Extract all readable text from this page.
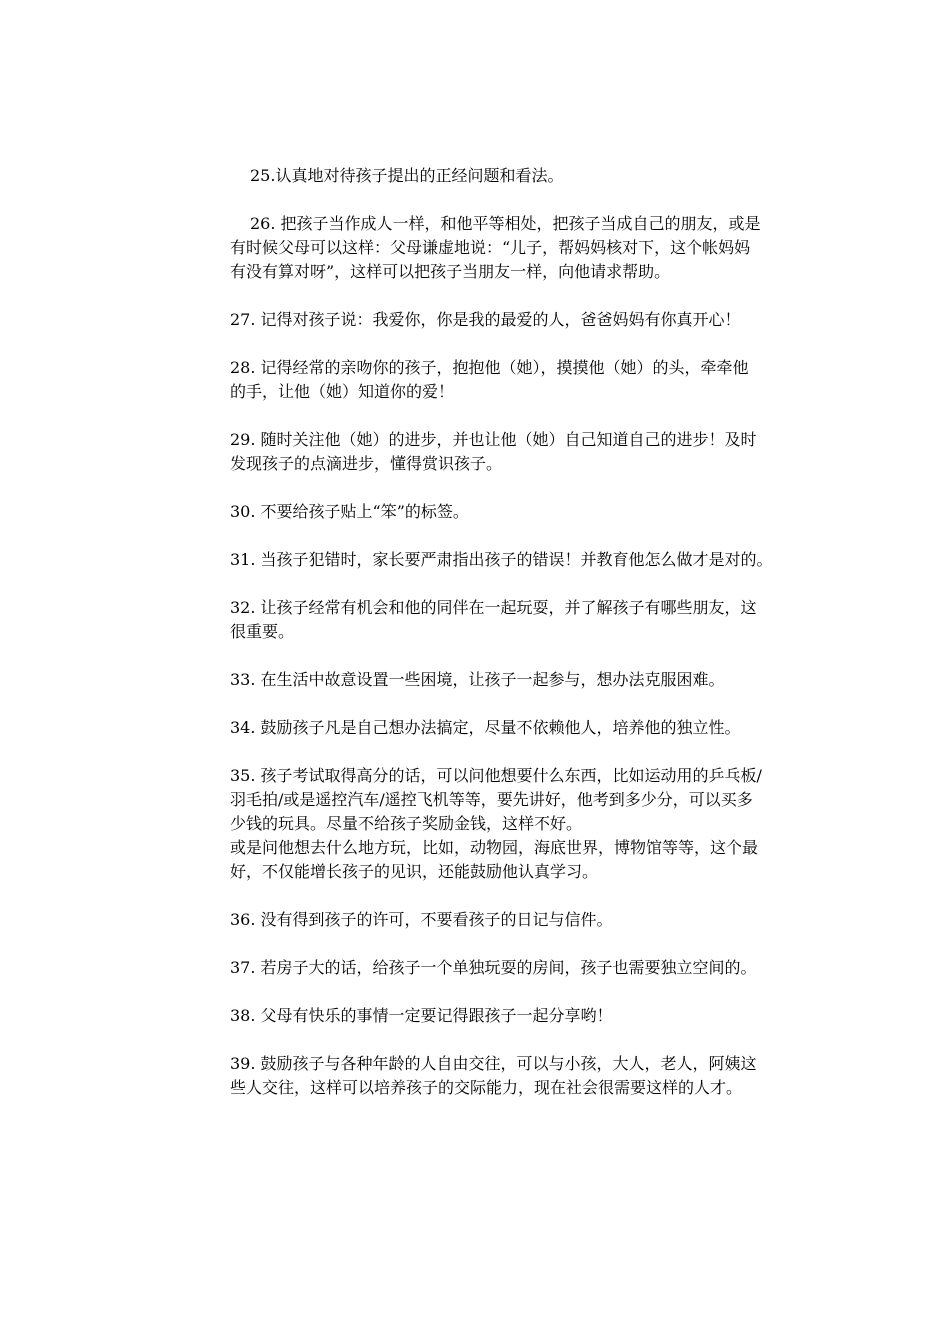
25.认真地对待孩子提出的正经问题和看法。

26. 把孩子当作成人一样，和他平等相处，把孩子当成自己的朋友，或是
有时候父母可以这样：父母谦虚地说：“儿子，帮妈妈核对下，这个帐妈妈
有没有算对呀”，这样可以把孩子当朋友一样，向他请求帮助。

27. 记得对孩子说：我爱你，你是我的最爱的人，爸爸妈妈有你真开心！

28. 记得经常的亲吻你的孩子，抱抱他（她），摸摸他（她）的头，牵牵他
的手，让他（她）知道你的爱！

29. 随时关注他（她）的进步，并也让他（她）自己知道自己的进步！及时
发现孩子的点滴进步，懂得赏识孩子。

30. 不要给孩子贴上“笨”的标签。

31. 当孩子犯错时，家长要严肃指出孩子的错误！并教育他怎么做才是对的。

32. 让孩子经常有机会和他的同伴在一起玩耍，并了解孩子有哪些朋友，这
很重要。

33. 在生活中故意设置一些困境，让孩子一起参与，想办法克服困难。

34. 鼓励孩子凡是自己想办法搞定，尽量不依赖他人，培养他的独立性。

35. 孩子考试取得高分的话，可以问他想要什么东西，比如运动用的乒乓板/
羽毛拍/或是遥控汽车/遥控飞机等等，要先讲好，他考到多少分，可以买多
少钱的玩具。尽量不给孩子奖励金钱，这样不好。
或是问他想去什么地方玩，比如，动物园，海底世界，博物馆等等，这个最
好，不仅能增长孩子的见识，还能鼓励他认真学习。

36. 没有得到孩子的许可，不要看孩子的日记与信件。

37. 若房子大的话，给孩子一个单独玩耍的房间，孩子也需要独立空间的。

38. 父母有快乐的事情一定要记得跟孩子一起分享哟！

39. 鼓励孩子与各种年龄的人自由交往，可以与小孩，大人，老人，阿姨这
些人交往，这样可以培养孩子的交际能力，现在社会很需要这样的人才。
